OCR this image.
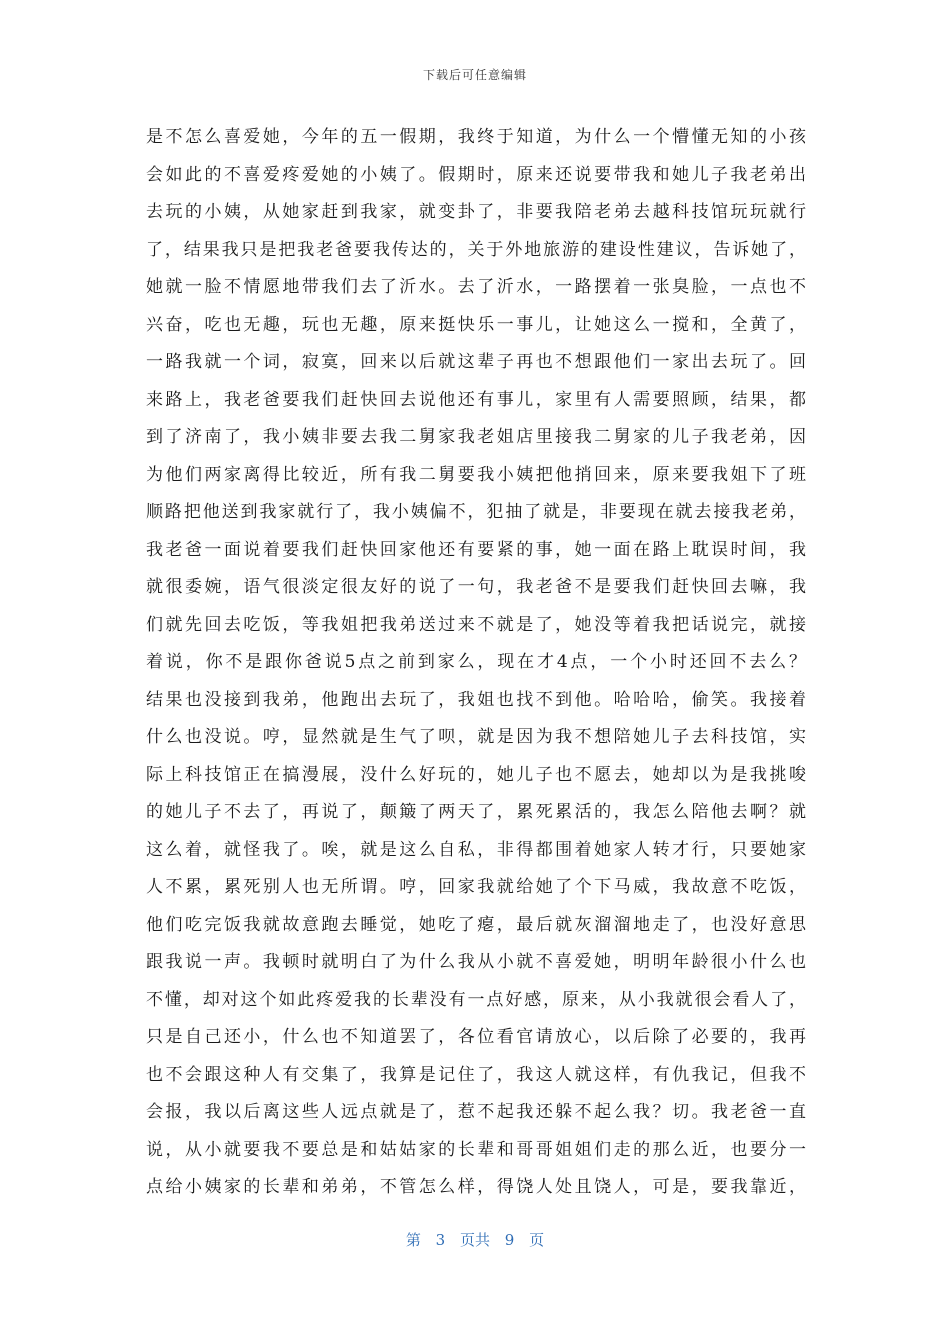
下载后可任意编辑
是不怎么喜爱她，今年的五一假期，我终于知道，为什么一个懵懂无知的小孩
会如此的不喜爱疼爱她的小姨了。假期时，原来还说要带我和她儿子我老弟出
去玩的小姨，从她家赶到我家，就变卦了，非要我陪老弟去越科技馆玩玩就行
了，结果我只是把我老爸要我传达的，关于外地旅游的建设性建议，告诉她了，
她就一脸不情愿地带我们去了沂水。去了沂水，一路摆着一张臭脸，一点也不
兴奋，吃也无趣，玩也无趣，原来挺快乐一事儿，让她这么一搅和，全黄了，
一路我就一个词，寂寞，回来以后就这辈子再也不想跟他们一家出去玩了。回
来路上，我老爸要我们赶快回去说他还有事儿，家里有人需要照顾，结果，都
到了济南了，我小姨非要去我二舅家我老姐店里接我二舅家的儿子我老弟，因
为他们两家离得比较近，所有我二舅要我小姨把他捎回来，原来要我姐下了班
顺路把他送到我家就行了，我小姨偏不，犯抽了就是，非要现在就去接我老弟，
我老爸一面说着要我们赶快回家他还有要紧的事，她一面在路上耽误时间，我
就很委婉，语气很淡定很友好的说了一句，我老爸不是要我们赶快回去嘛，我
们就先回去吃饭，等我姐把我弟送过来不就是了，她没等着我把话说完，就接
着说，你不是跟你爸说5点之前到家么，现在才4点，一个小时还回不去么？
结果也没接到我弟，他跑出去玩了，我姐也找不到他。哈哈哈，偷笑。我接着
什么也没说。哼，显然就是生气了呗，就是因为我不想陪她儿子去科技馆，实
际上科技馆正在搞漫展，没什么好玩的，她儿子也不愿去，她却以为是我挑唆
的她儿子不去了，再说了，颠簸了两天了，累死累活的，我怎么陪他去啊？就
这么着，就怪我了。唉，就是这么自私，非得都围着她家人转才行，只要她家
人不累，累死别人也无所谓。哼，回家我就给她了个下马威，我故意不吃饭，
他们吃完饭我就故意跑去睡觉，她吃了瘪，最后就灰溜溜地走了，也没好意思
跟我说一声。我顿时就明白了为什么我从小就不喜爱她，明明年龄很小什么也
不懂，却对这个如此疼爱我的长辈没有一点好感，原来，从小我就很会看人了，
只是自己还小，什么也不知道罢了，各位看官请放心，以后除了必要的，我再
也不会跟这种人有交集了，我算是记住了，我这人就这样，有仇我记，但我不
会报，我以后离这些人远点就是了，惹不起我还躲不起么我？切。我老爸一直
说，从小就要我不要总是和姑姑家的长辈和哥哥姐姐们走的那么近，也要分一
点给小姨家的长辈和弟弟，不管怎么样，得饶人处且饶人，可是，要我靠近，
第 3 页共 9 页
